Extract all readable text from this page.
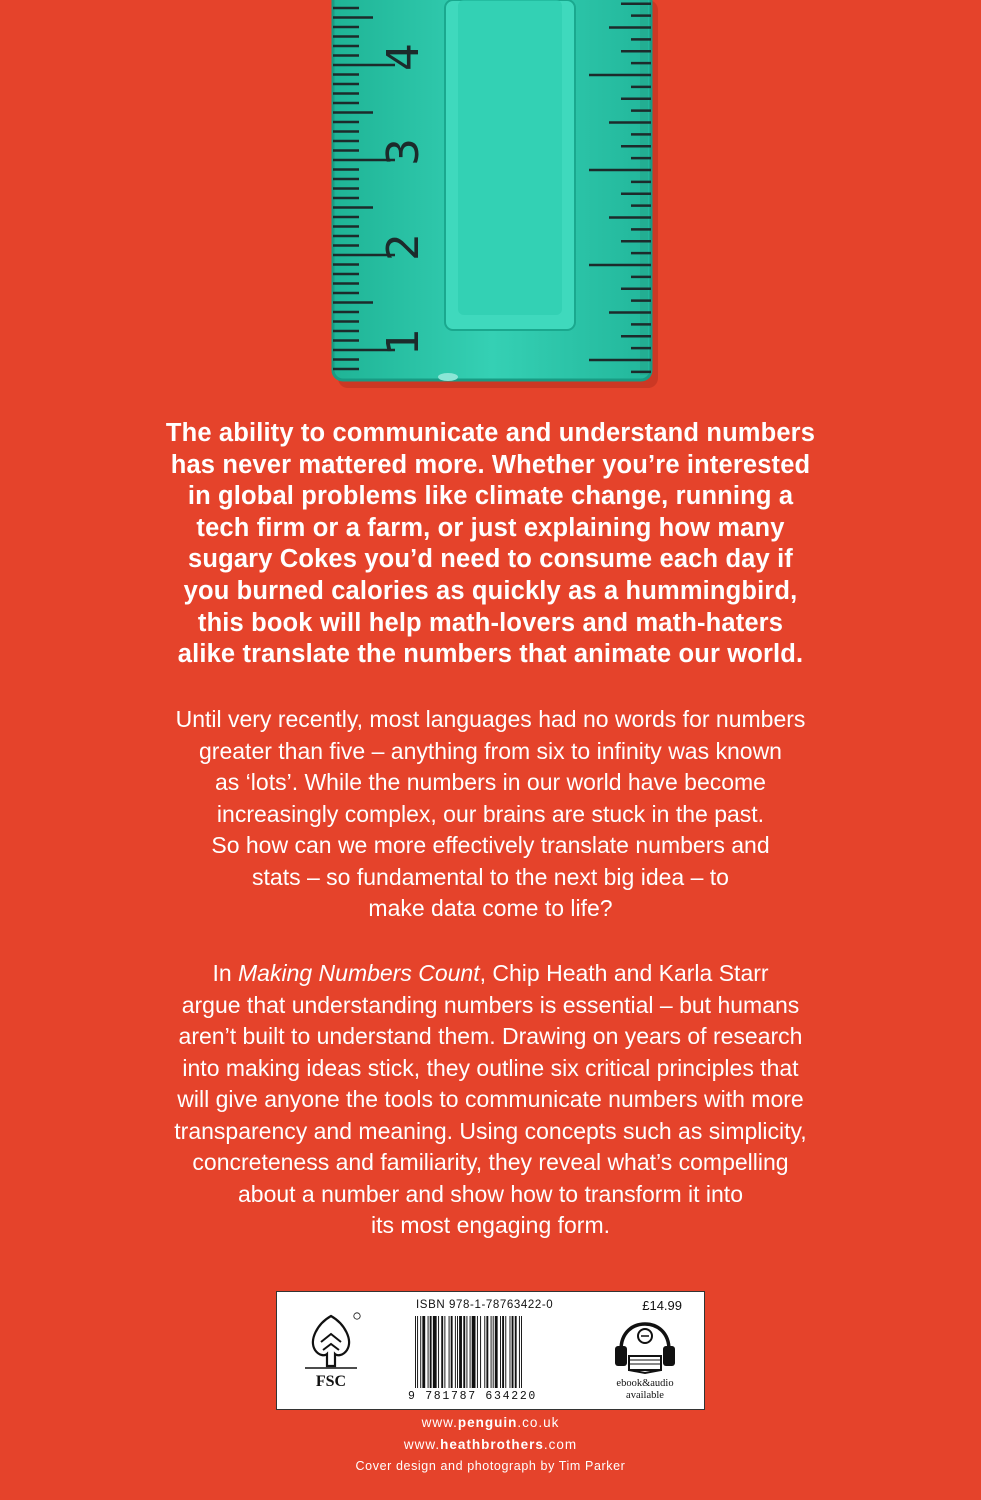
1
2
3
4
The ability to communicate and understand numbers
has never mattered more. Whether you’re interested
in global problems like climate change, running a
tech firm or a farm, or just explaining how many
sugary Cokes you’d need to consume each day if
you burned calories as quickly as a hummingbird,
this book will help math-lovers and math-haters
alike translate the numbers that animate our world.
Until very recently, most languages had no words for numbers
greater than five – anything from six to infinity was known
as ‘lots’. While the numbers in our world have become
increasingly complex, our brains are stuck in the past.
So how can we more effectively translate numbers and
stats – so fundamental to the next big idea – to
make data come to life?
In Making Numbers Count, Chip Heath and Karla Starr
argue that understanding numbers is essential – but humans
aren’t built to understand them. Drawing on years of research
into making ideas stick, they outline six critical principles that
will give anyone the tools to communicate numbers with more
transparency and meaning. Using concepts such as simplicity,
concreteness and familiarity, they reveal what’s compelling
about a number and show how to transform it into
its most engaging form.
FSC
ISBN 978-1-78763422-0	£14.99
9 781787 634220
ebook&audio
available
www.penguin.co.uk
www.heathbrothers.com
Cover design and photograph by Tim Parker
